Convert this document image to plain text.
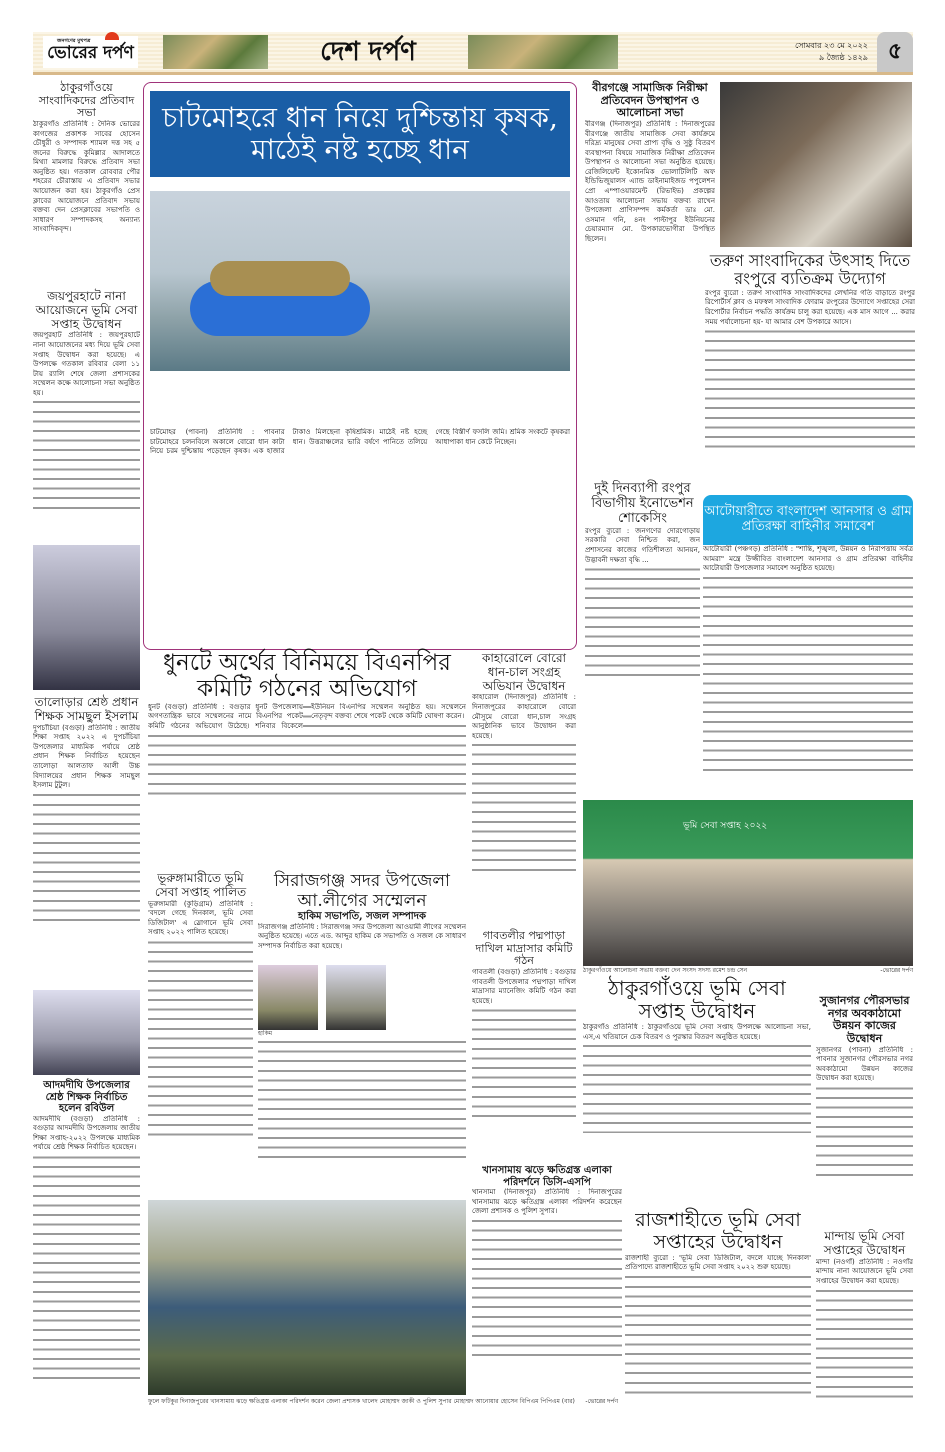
জনগণের মুখপত্র
ভোরের দর্পণ	দেশ দর্পণ	সোমবার ২৩ মে ২০২২
৯ জ্যৈষ্ঠ ১৪২৯ ৫
ঠাকুরগাঁওয়ে সাংবাদিকদের প্রতিবাদ সভা

ঠাকুরগাঁও প্রতিনিধি : দৈনিক ভোরের কাগজের প্রকাশক সাবের হোসেন চৌধুরী ও সম্পাদক শ্যামল দত্ত সহ ৫ জনের বিরুদ্ধে কুমিল্লার আদালতে মিথ্যা মামলার বিরুদ্ধে প্রতিবাদ সভা অনুষ্ঠিত হয়। গতকাল রোববার পৌর শহরের চৌরাস্তায় এ প্রতিবাদ সভার আয়োজন করা হয়। ঠাকুরগাঁও প্রেস ক্লাবের আয়োজনে প্রতিবাদ সভায় বক্তব্য দেন প্রেসক্লাবের সভাপতি ও সাধারণ সম্পাদকসহ অন্যান্য সাংবাদিকবৃন্দ।

জয়পুরহাটে নানা আয়োজনে ভূমি সেবা সপ্তাহ উদ্বোধন

জয়পুরহাট প্রতিনিধি : জয়পুরহাটে নানা আয়োজনের মধ্য দিয়ে ভূমি সেবা সপ্তাহ উদ্বোধন করা হয়েছে। এ উপলক্ষে গতকাল রবিবার বেলা ১১ টায় র‌্যালি শেষে জেলা প্রশাসকের সম্মেলন কক্ষে আলোচনা সভা অনুষ্ঠিত হয়।

তালোড়ার শ্রেষ্ঠ প্রধান শিক্ষক সামছুল ইসলাম

দুপচাঁচিয়া (বগুড়া) প্রতিনিধি : জাতীয় শিক্ষা সপ্তাহ ২০২২ এ দুপচাঁচিয়া উপজেলার মাধ্যমিক পর্যায়ে শ্রেষ্ঠ প্রধান শিক্ষক নির্বাচিত হয়েছেন তালোড়া আলতাফ আলী উচ্চ বিদ্যালয়ের প্রধান শিক্ষক সামছুল ইসলাম টুটুল।

আদমদীঘি উপজেলার শ্রেষ্ঠ শিক্ষক নির্বাচিত হলেন রবিউল

আদমদীঘি (বগুড়া) প্রতিনিধি : বগুড়ার আদমদীঘি উপজেলায় জাতীয় শিক্ষা সপ্তাহ-২০২২ উপলক্ষে মাধ্যমিক পর্যায়ে শ্রেষ্ঠ শিক্ষক নির্বাচিত হয়েছেন।

চাটমোহরে ধান নিয়ে দুশ্চিন্তায় কৃষক, মাঠেই নষ্ট হচ্ছে ধান

চাটমোহর (পাবনা) প্রতিনিধি : পাবনার চাটমোহরে চলনবিলে অকালে বোরো ধান কাটা নিয়ে চরম দুশ্চিন্তায় পড়েছেন কৃষক। এক হাজার টাকাও মিলছেনা কৃষিশ্রমিক। মাঠেই নষ্ট হচ্ছে ধান। উত্তরাঞ্চলের ভারি বর্ষণে পানিতে তলিয়ে গেছে বিস্তীর্ণ ফসলি জমি। শ্রমিক সংকটে কৃষকরা আধাপাকা ধান কেটে নিচ্ছেন।

বীরগঞ্জে সামাজিক নিরীক্ষা প্রতিবেদন উপস্থাপন ও আলোচনা সভা

বীরগঞ্জ (দিনাজপুর) প্রতিনিধি : দিনাজপুরের বীরগঞ্জে জাতীয় সামাজিক সেবা কার্যক্রমে দরিদ্র্য মানুষের সেবা প্রাপ্য বৃদ্ধি ও সুষ্ঠু বিতরণ ব্যবস্থাপনা বিষয়ে সামাজিক নিরীক্ষা প্রতিবেদন উপস্থাপন ও আলোচনা সভা অনুষ্ঠিত হয়েছে। রেজিলিয়েন্ট ইকোনমিক ভোলাটিলিটি অফ ইন্ডিভিজুয়ালস এ্যান্ড ডাইনামাইজড পপুলেশন প্রো এম্পাওয়ারমেন্ট (রিভাইভ) প্রকল্পের আওতায় আলোচনা সভায় বক্তব্য রাখেন উপজেলা প্রাণিসম্পদ কর্মকর্তা ডাঃ মো. ওসমান গনি, ৪নং পাল্টাপুর ইউনিয়নের চেয়ারম্যান মো. উপকারভোগীরা উপস্থিত ছিলেন।

দুই দিনব্যাপী রংপুর বিভাগীয় ইনোভেশন শোকেসিং

রংপুর ব্যুরো : জনগণের দোরগোড়ায় সরকারি সেবা নিশ্চিত করা, জন প্রশাসনের কাজের গতিশীলতা আনয়ন, উদ্ভাবনী দক্ষতা বৃদ্ধি ...

তরুণ সাংবাদিকের উৎসাহ দিতে রংপুরে ব্যতিক্রম উদ্যোগ

রংপুর ব্যুরো : তরুণ সাংবাদিক সাংবাদিকদের লেখনির গতি বাড়াতে রংপুর রিপোর্টার্স ক্লাব ও মফস্বল সাংবাদিক ফোরাম রংপুরের উদ্যোগে সপ্তাহের সেরা রিপোর্টার নির্বাচন পদ্ধতি কার্যক্রম চালু করা হয়েছে। এক মাস আগে ... করার সময় পর্যালোচনা হয়- যা আমার বেশ উপকারে আসে।

আটোয়ারীতে বাংলাদেশ আনসার ও গ্রাম প্রতিরক্ষা বাহিনীর সমাবেশ

আটোয়ারী (পঞ্চগড়) প্রতিনিধি : "শান্তি, শৃঙ্খলা, উন্নয়ন ও নিরাপত্তায় সর্বত্র আমরা" মন্ত্রে উজ্জীবিত বাংলাদেশ আনসার ও গ্রাম প্রতিরক্ষা বাহিনীর আটোয়ারী উপজেলার সমাবেশ অনুষ্ঠিত হয়েছে।

ধুনটে অর্থের বিনিময়ে বিএনপির কমিটি গঠনের অভিযোগ

ধুনট (বগুড়া) প্রতিনিধি : বগুড়ার ধুনট উপজেলায় অগণতান্ত্রিক ভাবে সম্মেলনের নামে বিএনপির পকেট কমিটি গঠনের অভিযোগ উঠেছে। শনিবার বিকেলে ইউনিয়ন বিএনপির সম্মেলন অনুষ্ঠিত হয়। সম্মেলনে নেতৃবৃন্দ বক্তব্য শেষে পকেট থেকে কমিটি ঘোষণা করেন।

কাহারোলে বোরো ধান-চাল সংগ্রহ অভিযান উদ্বোধন

কাহারোল (দিনাজপুর) প্রতিনিধি : দিনাজপুরের কাহারোলে বোরো মৌসুমে বোরো ধান,চাল সংগ্রহ আনুষ্ঠানিক ভাবে উদ্বোধন করা হয়েছে।

গাবতলীর পদ্মপাড়া দাখিল মাদ্রাসার কমিটি গঠন

গাবতলী (বগুড়া) প্রতিনিধি : বগুড়ার গাবতলী উপজেলার পদ্মপাড়া দাখিল মাদ্রাসার ম্যানেজিং কমিটি গঠন করা হয়েছে।

ভূরুঙ্গামারীতে ভূমি সেবা সপ্তাহ পালিত

ভূরুঙ্গামারী (কুড়িগ্রাম) প্রতিনিধি : 'বদলে গেছে দিনকাল, ভূমি সেবা ডিজিটাল' এ স্লোগানে ভূমি সেবা সপ্তাহ ২০২২ পালিত হয়েছে।

সিরাজগঞ্জ সদর উপজেলা আ.লীগের সম্মেলন
হাকিম সভাপতি, সজল সম্পাদক

সিরাজগঞ্জ প্রতিনিধি : সিরাজগঞ্জ সদর উপজেলা আওয়ামী লীগের সম্মেলন অনুষ্ঠিত হয়েছে। এতে এড. আব্দুর হাকিম কে সভাপতি ও সজল কে সাধারণ সম্পাদক নির্বাচিত করা হয়েছে।

হাকিম
ভূমি সেবা সপ্তাহ ২০২২
ঠাকুরগাঁওয়ে আলোচনা সভায় বক্তব্য দেন সংসদ সদস্য রমেশ চন্দ্র সেন	-ভোরের দর্পণ
ঠাকুরগাঁওয়ে ভূমি সেবা সপ্তাহ উদ্বোধন

ঠাকুরগাঁও প্রতিনিধি : ঠাকুরগাঁওয়ে ভূমি সেবা সপ্তাহ উপলক্ষে আলোচনা সভা, এস,এ খতিয়ানে চেক বিতরণ ও পুরস্কার বিতরণ অনুষ্ঠিত হয়েছে।

সুজানগর পৌরসভার নগর অবকাঠামো উন্নয়ন কাজের উদ্বোধন

সুজানগর (পাবনা) প্রতিনিধি : পাবনার সুজানগর পৌরসভার নগর অবকাঠামো উন্নয়ন কাজের উদ্বোধন করা হয়েছে।

মান্দায় ভূমি সেবা সপ্তাহের উদ্বোধন

মান্দা (নওগাঁ) প্রতিনিধি : নওগাঁর মান্দায় নানা আয়োজনে ভূমি সেবা সপ্তাহের উদ্বোধন করা হয়েছে।

ফুলে ফটিকুর দিনাজপুরের খানসামায় ঝড়ে ক্ষতিগ্রস্ত এলাকা পরিদর্শন করেন জেলা প্রশাসক খালেদ মোহাম্মদ জাকী ও পুলিশ সুপার মোহাম্মদ আনোয়ার হোসেন বিপিএম পিপিএম (বার)	-ভোরের দর্পণ
খানসামায় ঝড়ে ক্ষতিগ্রস্ত এলাকা পরিদর্শনে ডিসি-এসপি

খানসামা (দিনাজপুর) প্রতিনিধি : দিনাজপুরের খানসামায় ঝড়ে ক্ষতিগ্রস্ত এলাকা পরিদর্শন করেছেন জেলা প্রশাসক ও পুলিশ সুপার।	রাজশাহীতে ভূমি সেবা সপ্তাহের উদ্বোধন

রাজশাহী ব্যুরো : 'ভূমি সেবা ডিজিটাল, বদলে যাচ্ছে দিনকাল' প্রতিপাদ্যে রাজশাহীতে ভূমি সেবা সপ্তাহ ২০২২ শুরু হয়েছে।
